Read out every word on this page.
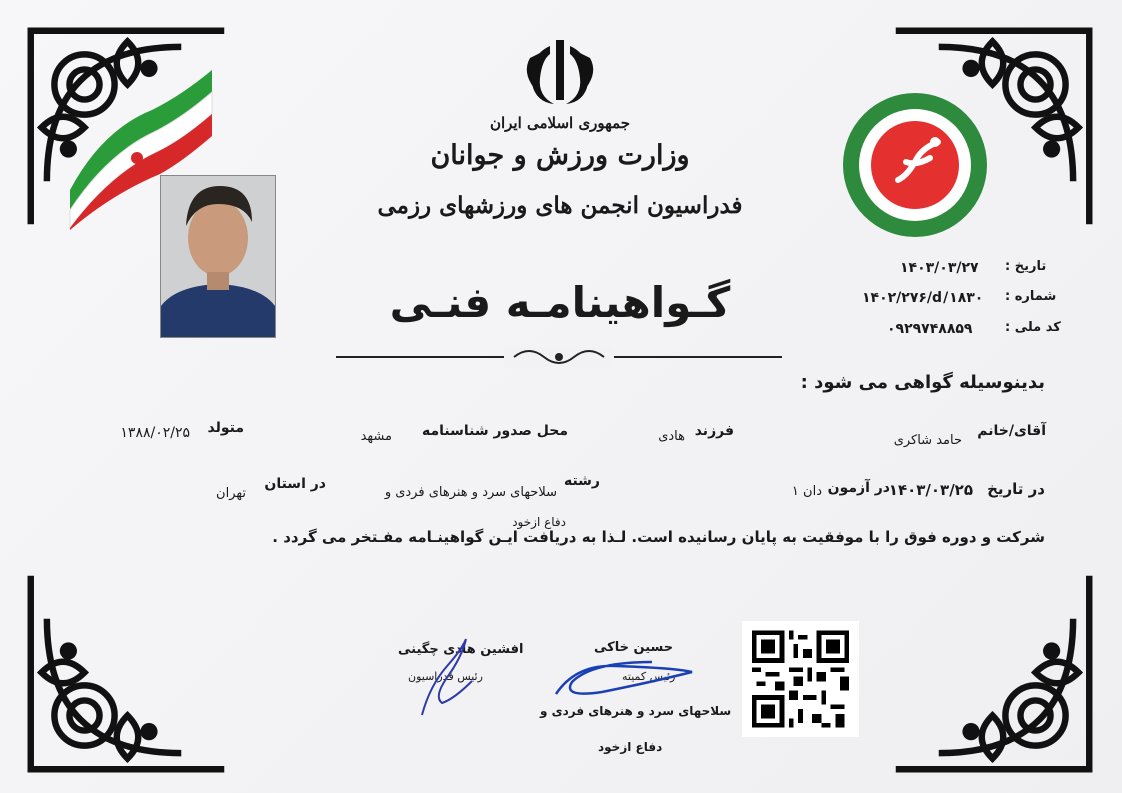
جمهوری اسلامی ایران
وزارت ورزش و جوانان
فدراسیون انجمن های ورزشهای رزمی
گـواهینامـه فنـی
تاریخ :
۱۴۰۳/۰۳/۲۷
شماره :
۱۴۰۲/۲۷۶/d/۱۸۳۰
کد ملی :
۰۹۲۹۷۴۸۸۵۹
بدینوسیله گواهی می شود :
آقای/خانم
حامد شاکری
فرزند
هادی
محل صدور شناسنامه
مشهد
متولد
۱۳۸۸/۰۲/۲۵
در تاریخ
۱۴۰۳/۰۳/۲۵
در آزمون
دان ۱
رشته
سلاحهای سرد و هنرهای فردی و
دفاع ازخود
در استان
تهران
شرکت و دوره فوق را با موفقیت به پایان رسانیده است. لـذا به دریافت ایـن گواهینـامه مفـتخر می گردد .
حسین خاکی
رئیس کمیته
سلاحهای سرد و هنرهای فردی و
دفاع ازخود
افشین هادی چگینی
رئیس فدراسیون
